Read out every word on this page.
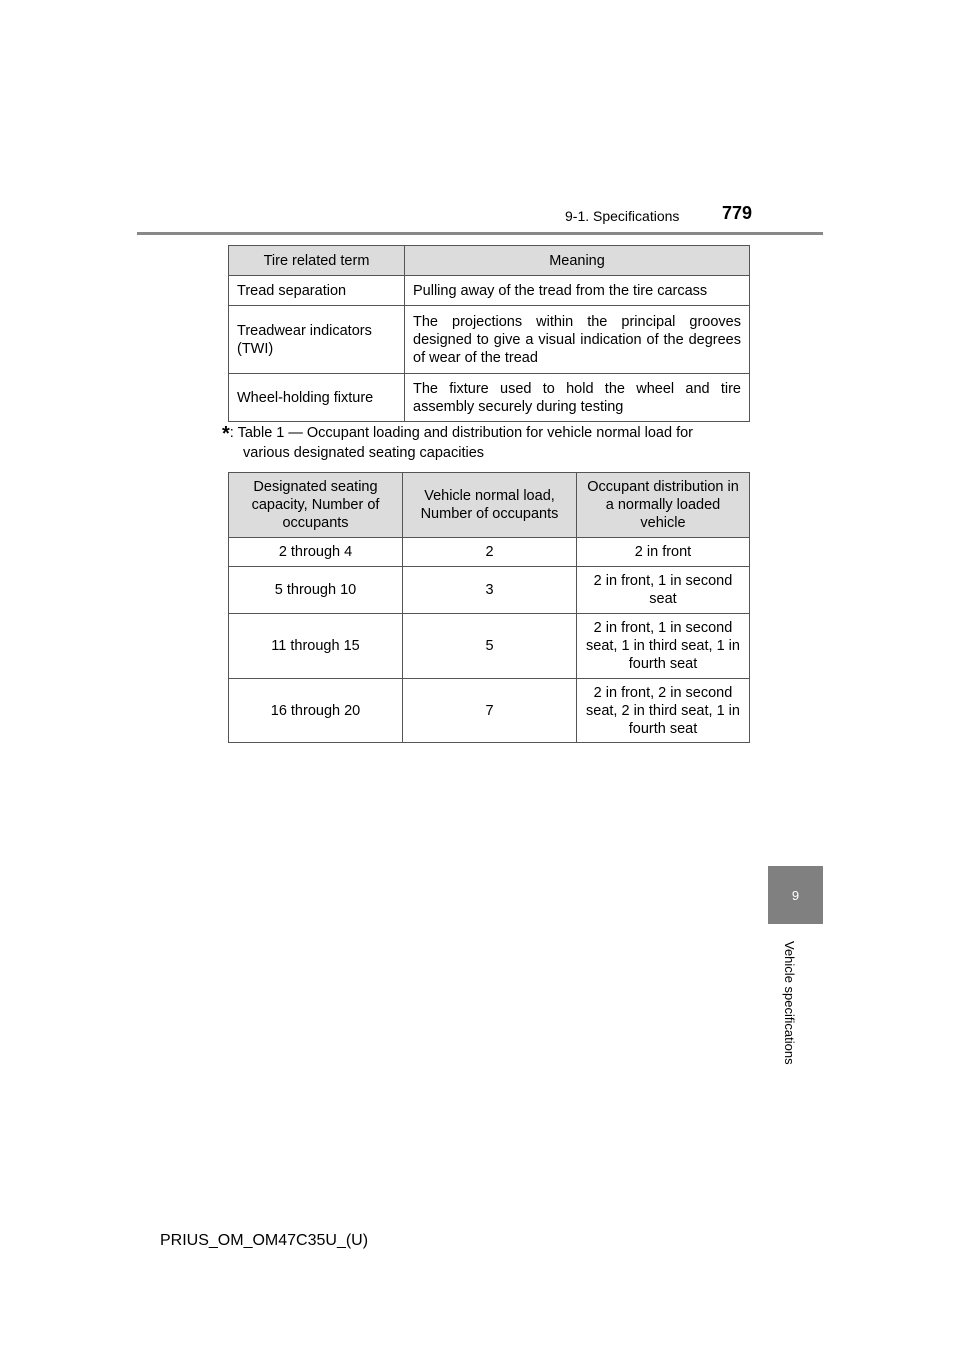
9-1. Specifications 779
Tire related term	Meaning
Tread separation	Pulling away of the tread from the tire carcass
Treadwear indicators (TWI)	The projections within the principal grooves designed to give a visual indication of the degrees of wear of the tread
Wheel-holding fixture	The fixture used to hold the wheel and tire assembly securely during testing
*: Table 1 — Occupant loading and distribution for vehicle normal load for
various designated seating capacities
Designated seating capacity, Number of occupants	Vehicle normal load, Number of occupants	Occupant distribution in a normally loaded vehicle
2 through 4	2	2 in front
5 through 10	3	2 in front, 1 in second seat
11 through 15	5	2 in front, 1 in second seat, 1 in third seat, 1 in fourth seat
16 through 20	7	2 in front, 2 in second seat, 2 in third seat, 1 in fourth seat
9
Vehicle specifications
PRIUS_OM_OM47C35U_(U)
